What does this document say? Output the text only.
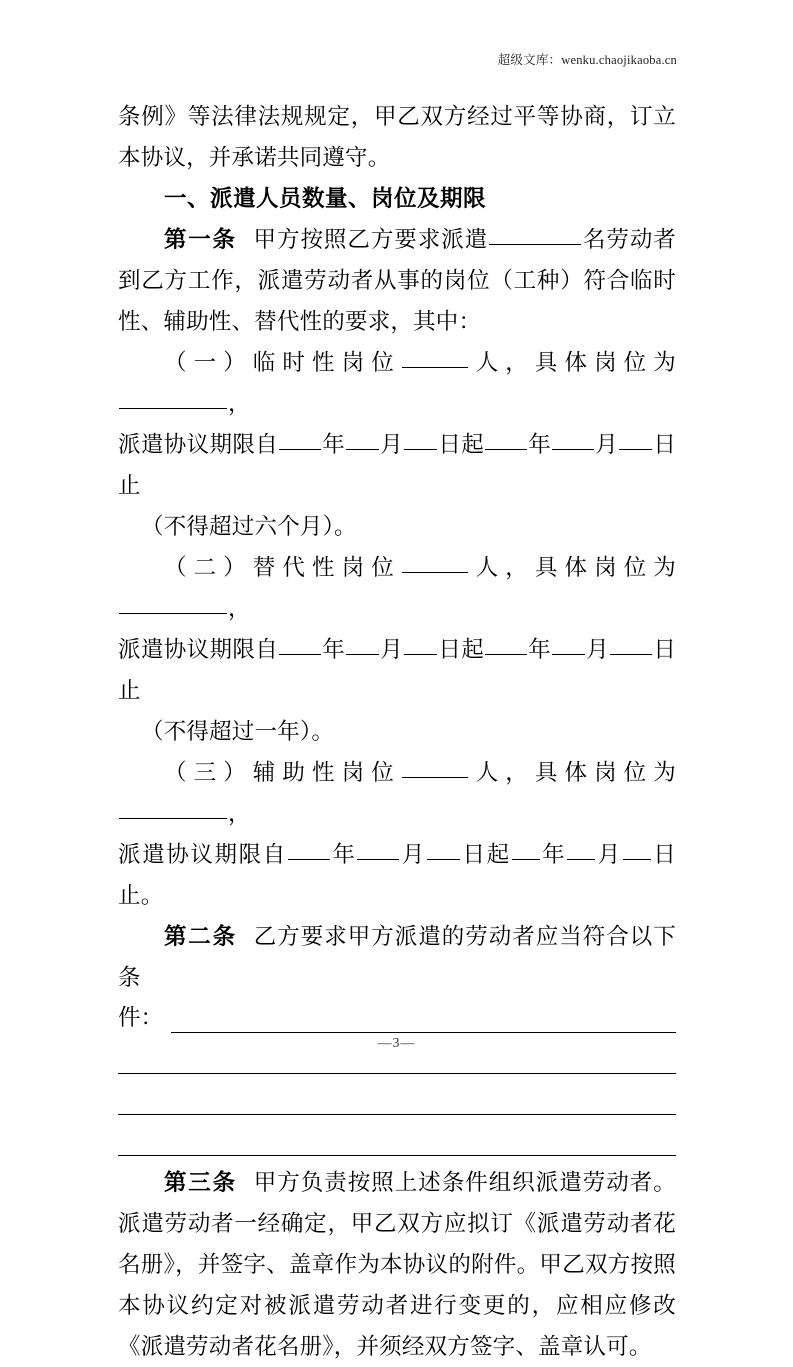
超级文库：wenku.chaojikaoba.cn

条例》等法律法规规定，甲乙双方经过平等协商，订立本协议，并承诺共同遵守。

一、派遣人员数量、岗位及期限

第一条 甲方按照乙方要求派遣	名劳动者到乙方工作，派遣劳动者从事的岗位（工种）符合临时性、辅助性、替代性的要求，其中：

（一）临时性岗位	人，具体岗位为，

派遣协议期限自 年 月 日起 年 月 日止

（不得超过六个月）。

（二）替代性岗位	人，具体岗位为，

派遣协议期限自 年 月 日起 年 月 日止

（不得超过一年）。

（三）辅助性岗位	人，具体岗位为，

派遣协议期限自 年 月 日起 年 月 日止。

第二条 乙方要求甲方派遣的劳动者应当符合以下条

件：

第三条 甲方负责按照上述条件组织派遣劳动者。派遣劳动者一经确定，甲乙双方应拟订《派遣劳动者花名册》，并签字、盖章作为本协议的附件。甲乙双方按照本协议约定对被派遣劳动者进行变更的，应相应修改《派遣劳动者花名册》，并须经双方签字、盖章认可。

—3—
